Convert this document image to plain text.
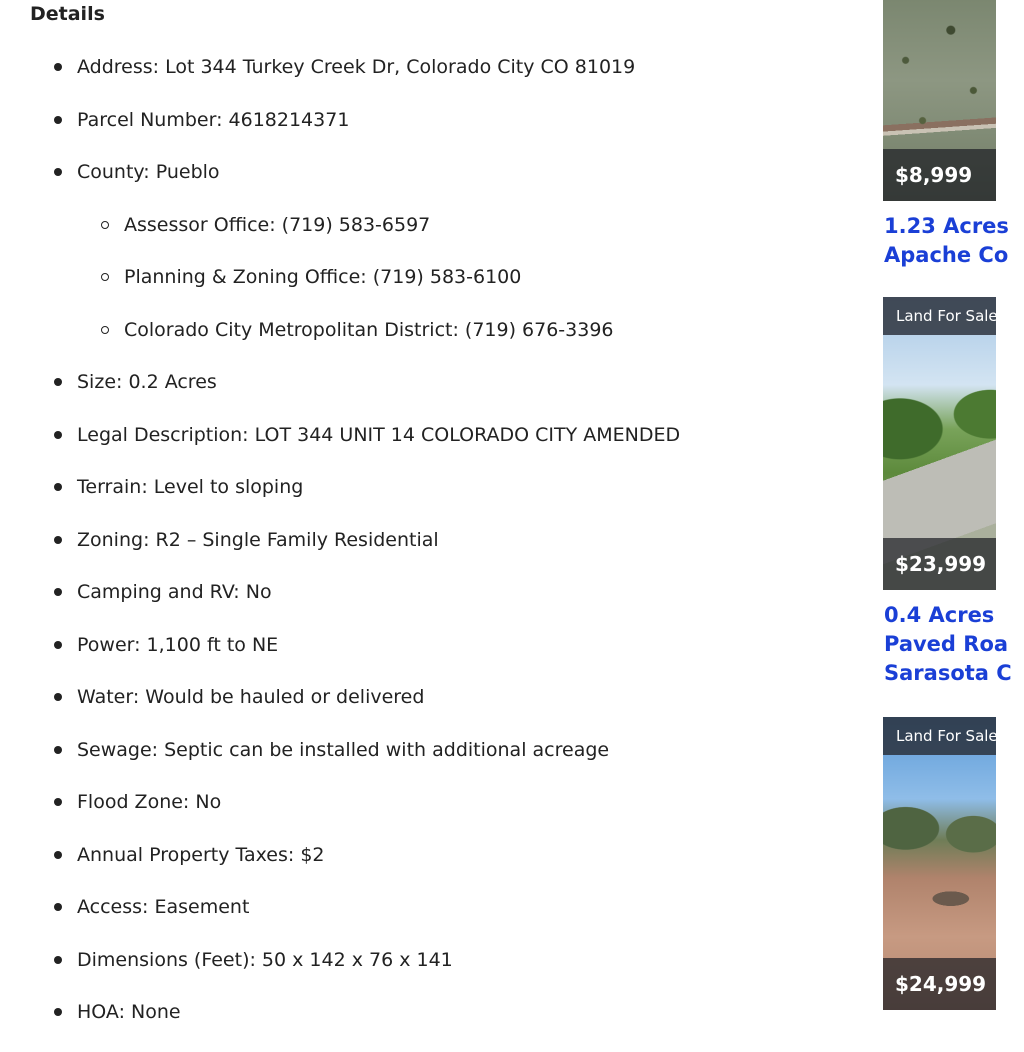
Details
Address: Lot 344 Turkey Creek Dr, Colorado City CO 81019
Parcel Number: 4618214371
County: Pueblo
Assessor Office: (719) 583-6597
Planning & Zoning Office: (719) 583-6100
Colorado City Metropolitan District: (719) 676-3396
Size: 0.2 Acres
Legal Description: LOT 344 UNIT 14 COLORADO CITY AMENDED
Terrain: Level to sloping
Zoning: R2 – Single Family Residential
Camping and RV: No
Power: 1,100 ft to NE
Water: Would be hauled or delivered
Sewage: Septic can be installed with additional acreage
Flood Zone: No
Annual Property Taxes: $2
Access: Easement
Dimensions (Feet): 50 x 142 x 76 x 141
HOA: None
$8,999
1.23 Acres
Apache Co
Land For Sale
$23,999
0.4 Acres
Paved Roa
Sarasota C
Land For Sale
$24,999
